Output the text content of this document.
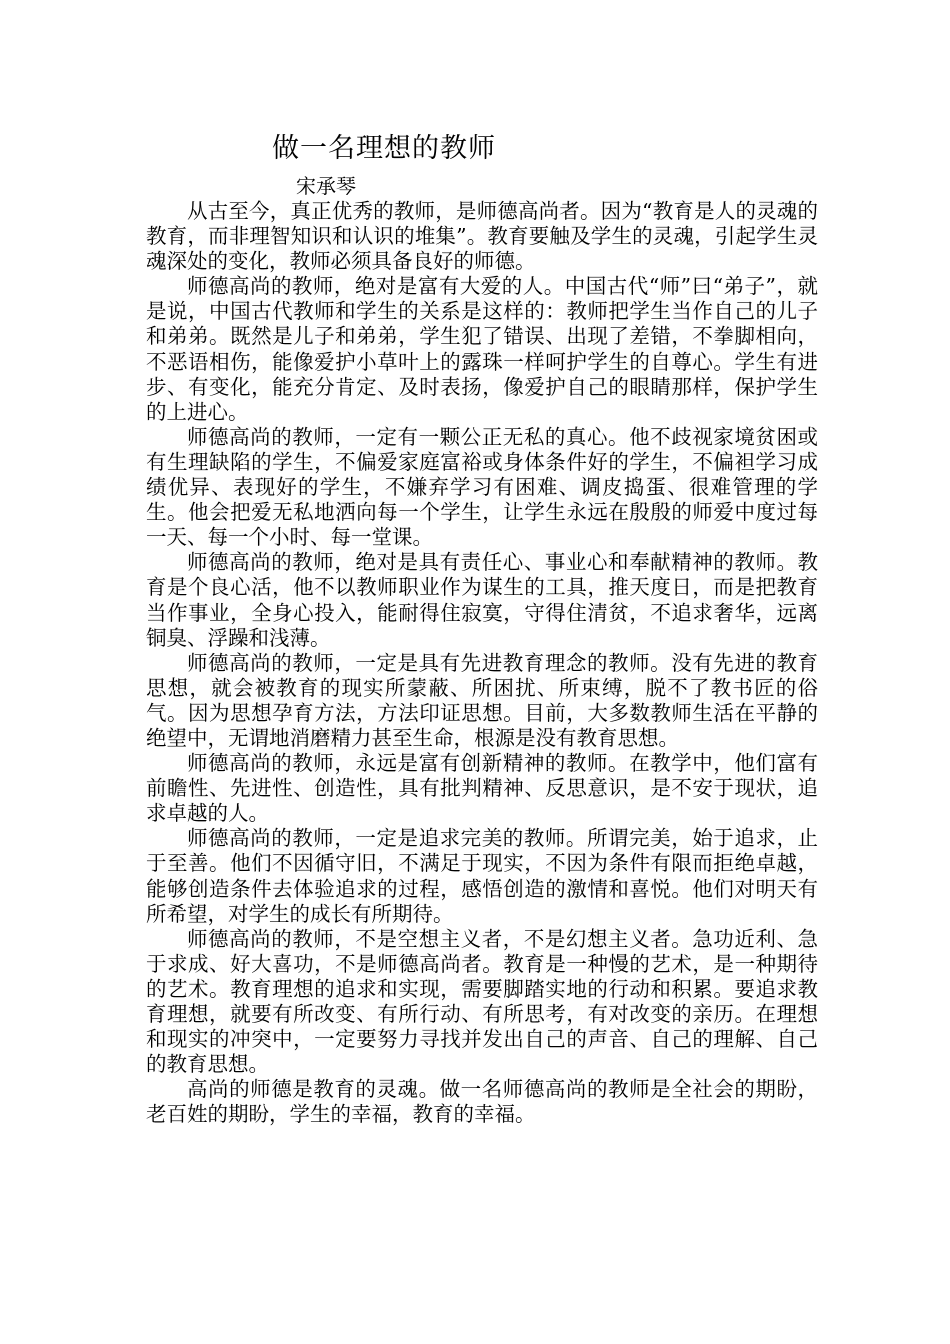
做一名理想的教师
宋承琴

从古至今，真正优秀的教师，是师德高尚者。因为“教育是人的灵魂的教育，而非理智知识和认识的堆集”。教育要触及学生的灵魂，引起学生灵魂深处的变化，教师必须具备良好的师德。

师德高尚的教师，绝对是富有大爱的人。中国古代“师”曰“弟子”，就是说，中国古代教师和学生的关系是这样的：教师把学生当作自己的儿子和弟弟。既然是儿子和弟弟，学生犯了错误、出现了差错，不拳脚相向，不恶语相伤，能像爱护小草叶上的露珠一样呵护学生的自尊心。学生有进步、有变化，能充分肯定、及时表扬，像爱护自己的眼睛那样，保护学生的上进心。

师德高尚的教师，一定有一颗公正无私的真心。他不歧视家境贫困或有生理缺陷的学生，不偏爱家庭富裕或身体条件好的学生，不偏袒学习成绩优异、表现好的学生，不嫌弃学习有困难、调皮捣蛋、很难管理的学生。他会把爱无私地洒向每一个学生，让学生永远在殷殷的师爱中度过每一天、每一个小时、每一堂课。

师德高尚的教师，绝对是具有责任心、事业心和奉献精神的教师。教育是个良心活，他不以教师职业作为谋生的工具，推天度日，而是把教育当作事业，全身心投入，能耐得住寂寞，守得住清贫，不追求奢华，远离铜臭、浮躁和浅薄。

师德高尚的教师，一定是具有先进教育理念的教师。没有先进的教育思想，就会被教育的现实所蒙蔽、所困扰、所束缚，脱不了教书匠的俗气。因为思想孕育方法，方法印证思想。目前，大多数教师生活在平静的绝望中，无谓地消磨精力甚至生命，根源是没有教育思想。

师德高尚的教师，永远是富有创新精神的教师。在教学中，他们富有前瞻性、先进性、创造性，具有批判精神、反思意识，是不安于现状，追求卓越的人。

师德高尚的教师，一定是追求完美的教师。所谓完美，始于追求，止于至善。他们不因循守旧，不满足于现实，不因为条件有限而拒绝卓越，能够创造条件去体验追求的过程，感悟创造的激情和喜悦。他们对明天有所希望，对学生的成长有所期待。

师德高尚的教师，不是空想主义者，不是幻想主义者。急功近利、急于求成、好大喜功，不是师德高尚者。教育是一种慢的艺术，是一种期待的艺术。教育理想的追求和实现，需要脚踏实地的行动和积累。要追求教育理想，就要有所改变、有所行动、有所思考，有对改变的亲历。在理想和现实的冲突中，一定要努力寻找并发出自己的声音、自己的理解、自己的教育思想。

高尚的师德是教育的灵魂。做一名师德高尚的教师是全社会的期盼，老百姓的期盼，学生的幸福，教育的幸福。
